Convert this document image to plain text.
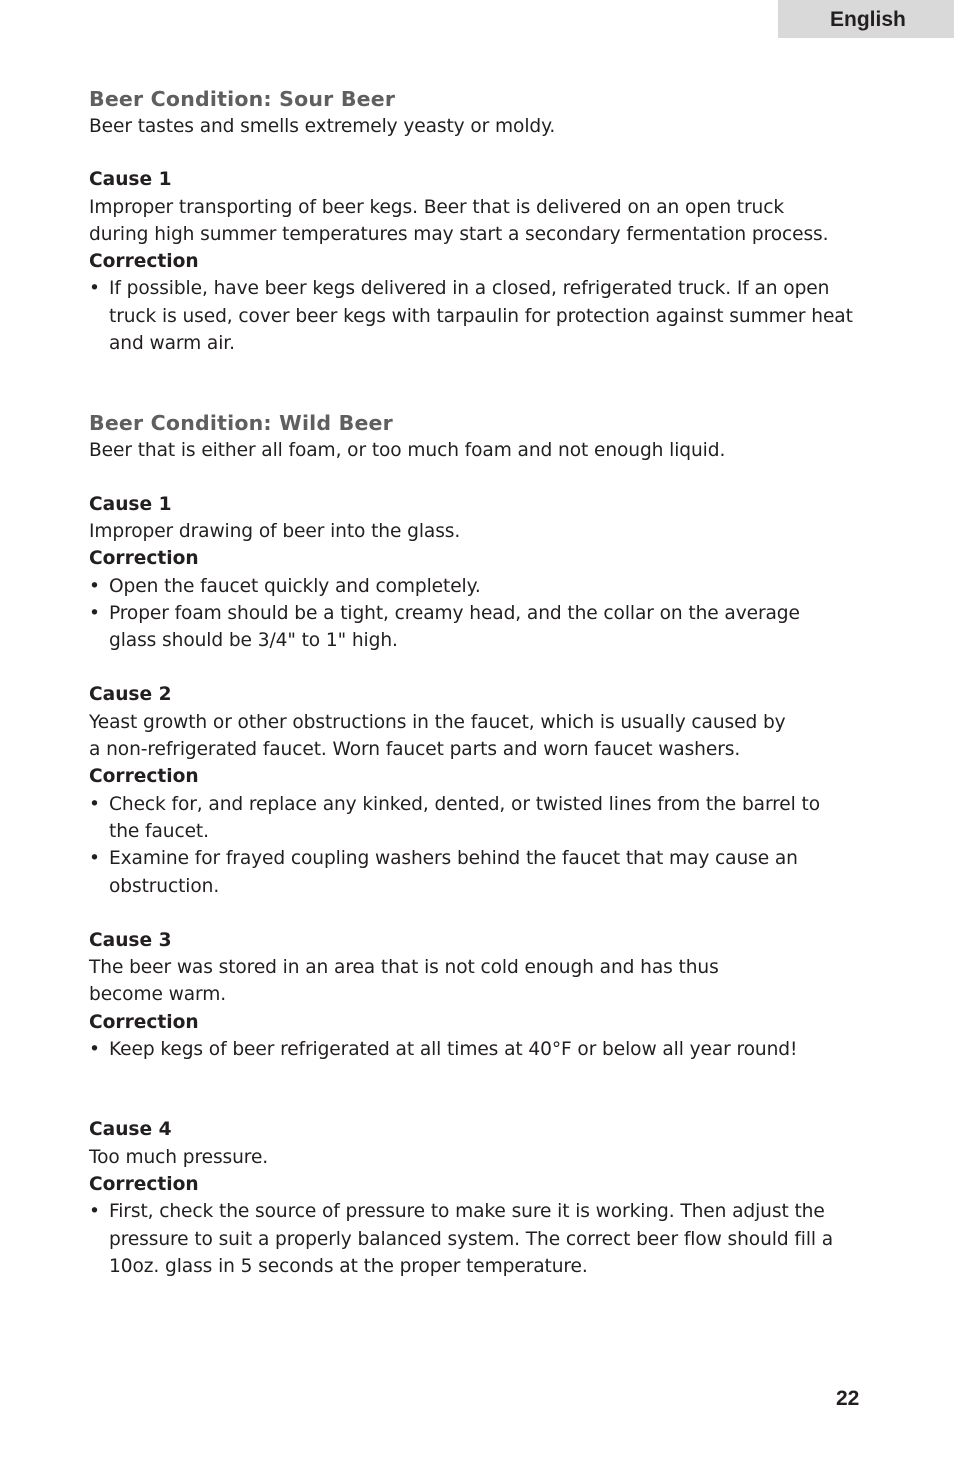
English
Beer Condition: Sour Beer
Beer tastes and smells extremely yeasty or moldy.
Cause 1
Improper transporting of beer kegs. Beer that is delivered on an open truck
during high summer temperatures may start a secondary fermentation process.
Correction
• If possible, have beer kegs delivered in a closed, refrigerated truck. If an open
truck is used, cover beer kegs with tarpaulin for protection against summer heat
and warm air.
Beer Condition: Wild Beer
Beer that is either all foam, or too much foam and not enough liquid.
Cause 1
Improper drawing of beer into the glass.
Correction
• Open the faucet quickly and completely.
• Proper foam should be a tight, creamy head, and the collar on the average
glass should be 3/4" to 1" high.
Cause 2
Yeast growth or other obstructions in the faucet, which is usually caused by
a non-refrigerated faucet. Worn faucet parts and worn faucet washers.
Correction
• Check for, and replace any kinked, dented, or twisted lines from the barrel to
the faucet.
• Examine for frayed coupling washers behind the faucet that may cause an
obstruction.
Cause 3
The beer was stored in an area that is not cold enough and has thus
become warm.
Correction
• Keep kegs of beer refrigerated at all times at 40°F or below all year round!
Cause 4
Too much pressure.
Correction
• First, check the source of pressure to make sure it is working. Then adjust the
pressure to suit a properly balanced system. The correct beer flow should fill a
10oz. glass in 5 seconds at the proper temperature.
22
